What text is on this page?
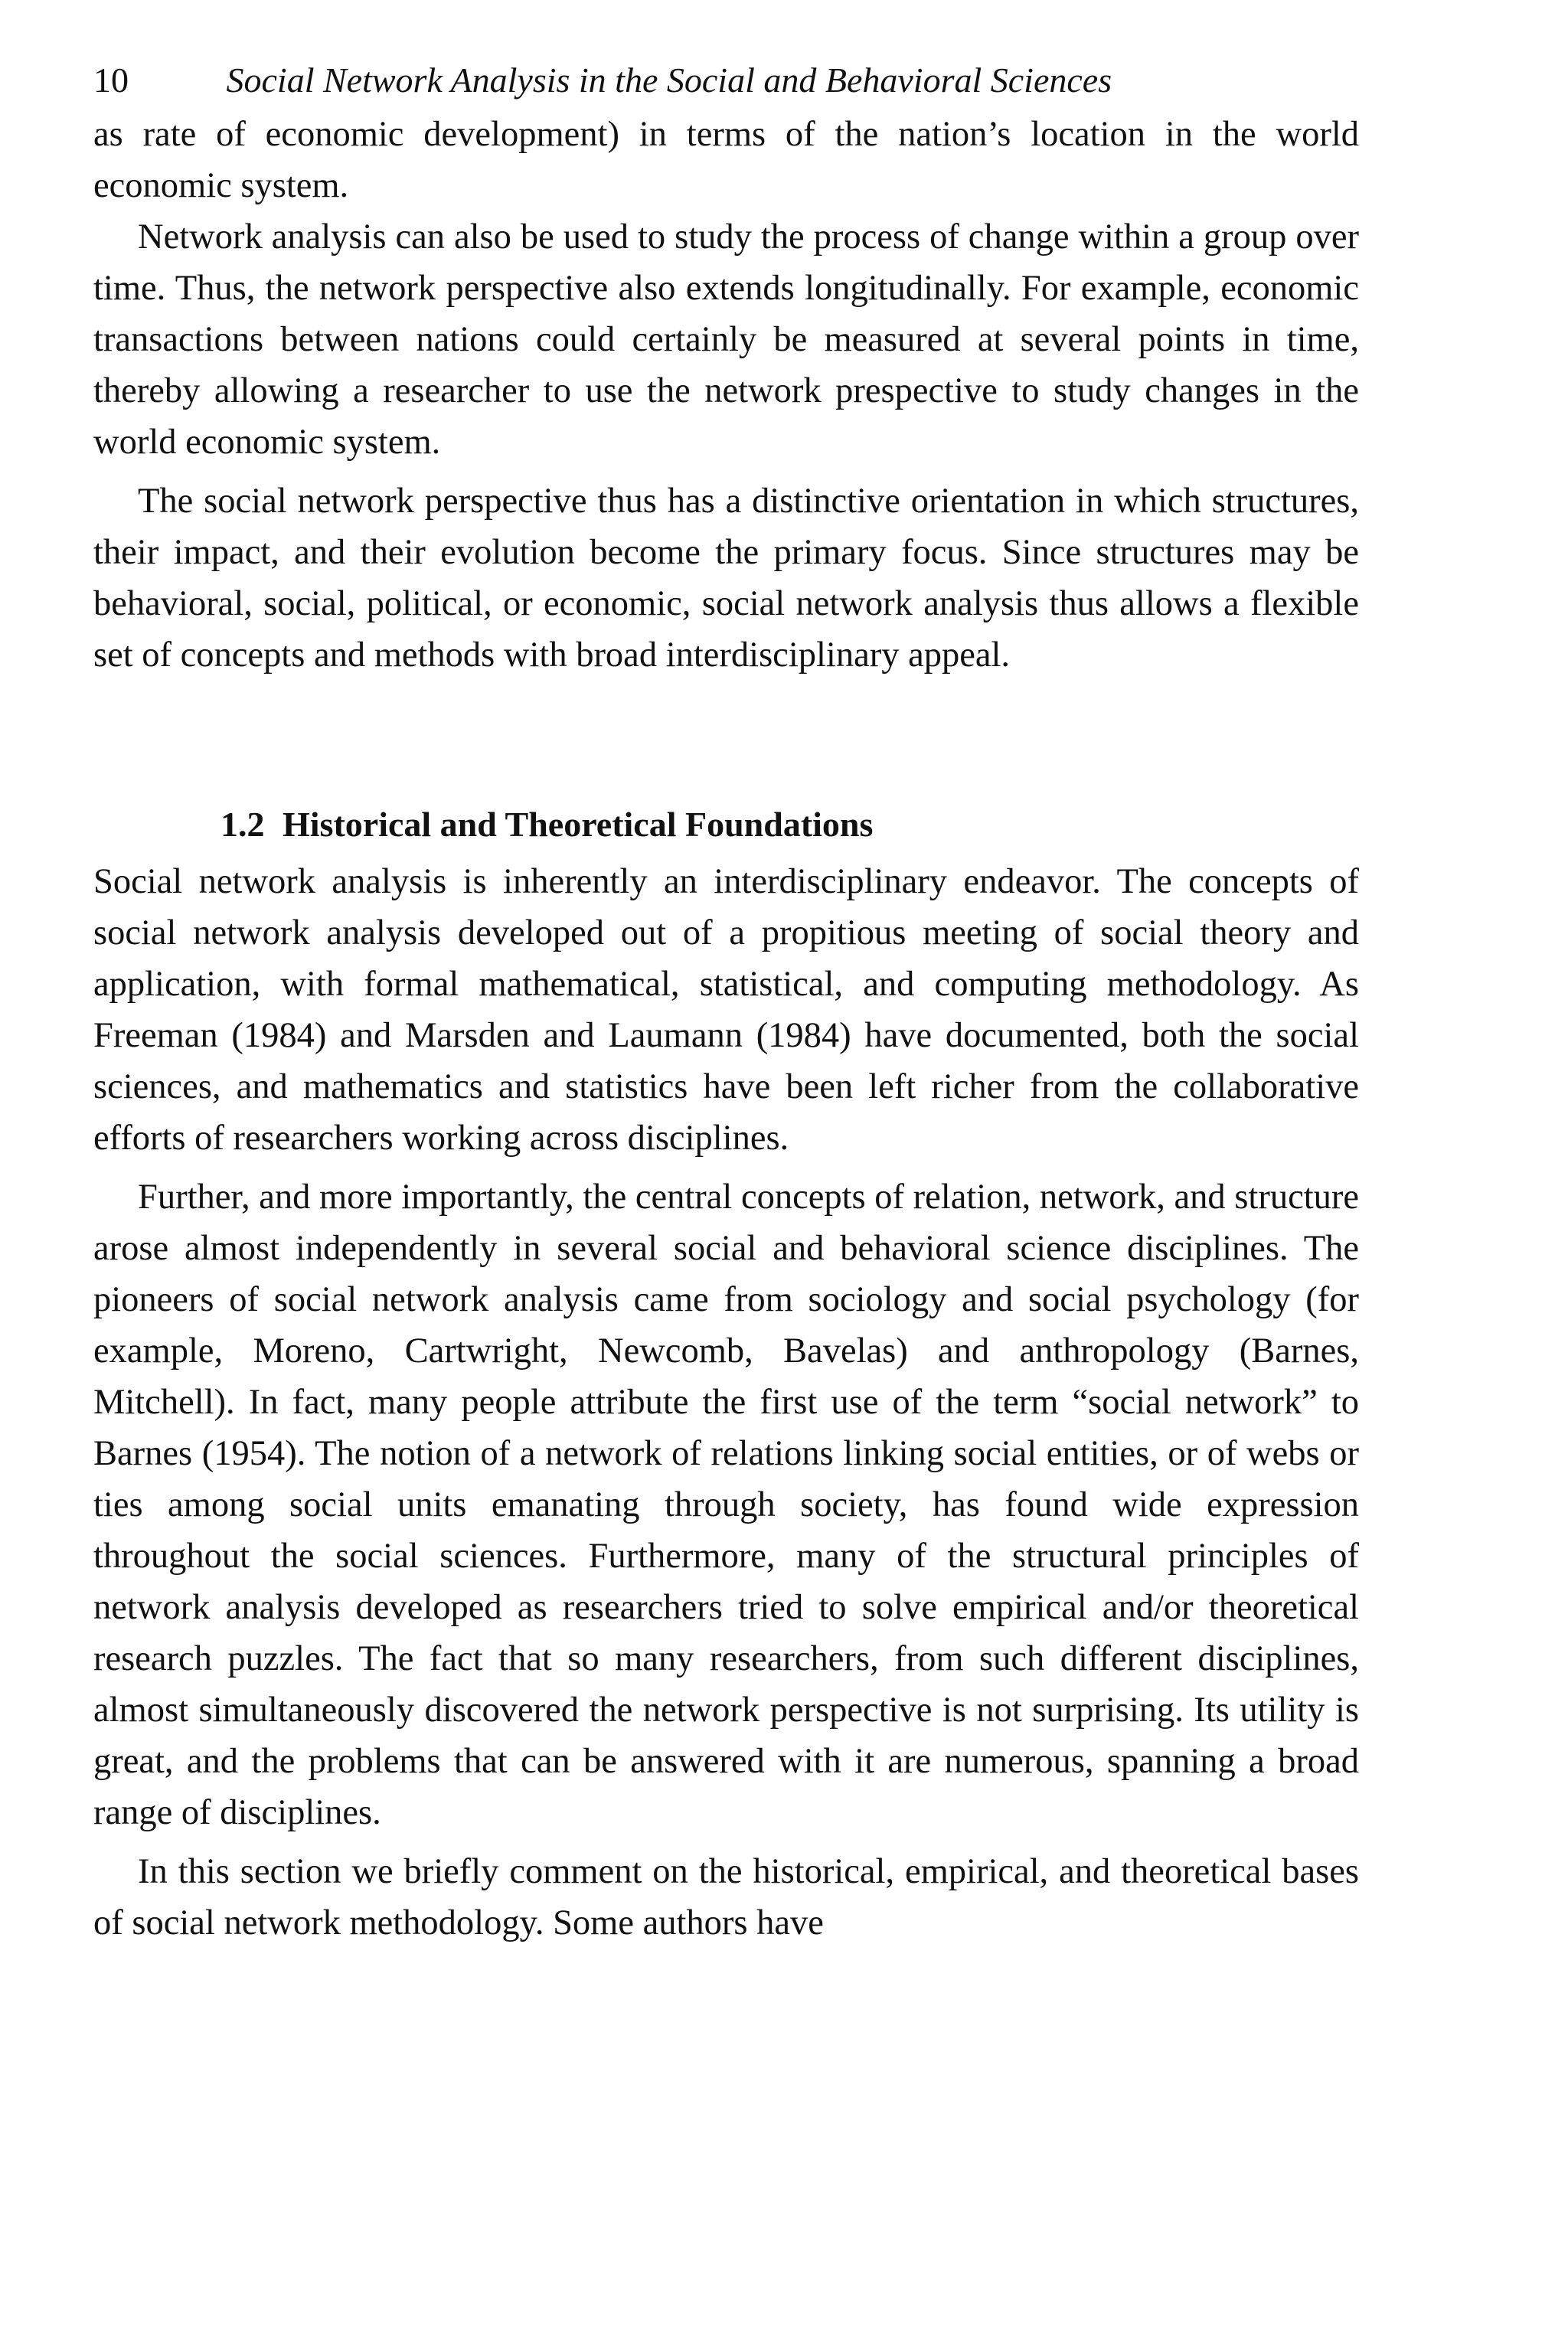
10	Social Network Analysis in the Social and Behavioral Sciences

as rate of economic development) in terms of the nation’s location in the world economic system.

Network analysis can also be used to study the process of change within a group over time. Thus, the network perspective also extends longitudinally. For example, economic transactions between nations could certainly be measured at several points in time, thereby allowing a researcher to use the network prespective to study changes in the world economic system.

The social network perspective thus has a distinctive orientation in which structures, their impact, and their evolution become the primary focus. Since structures may be behavioral, social, political, or economic, social network analysis thus allows a flexible set of concepts and methods with broad interdisciplinary appeal.

1.2 Historical and Theoretical Foundations

Social network analysis is inherently an interdisciplinary endeavor. The concepts of social network analysis developed out of a propitious meeting of social theory and application, with formal mathematical, statistical, and computing methodology. As Freeman (1984) and Marsden and Laumann (1984) have documented, both the social sciences, and mathematics and statistics have been left richer from the collaborative efforts of researchers working across disciplines.

Further, and more importantly, the central concepts of relation, network, and structure arose almost independently in several social and behavioral science disciplines. The pioneers of social network analysis came from sociology and social psychology (for example, Moreno, Cartwright, Newcomb, Bavelas) and anthropology (Barnes, Mitchell). In fact, many people attribute the first use of the term “social network” to Barnes (1954). The notion of a network of relations linking social entities, or of webs or ties among social units emanating through society, has found wide expression throughout the social sciences. Furthermore, many of the structural principles of network analysis developed as researchers tried to solve empirical and/or theoretical research puzzles. The fact that so many researchers, from such different disciplines, almost simultaneously discovered the network perspective is not surprising. Its utility is great, and the problems that can be answered with it are numerous, spanning a broad range of disciplines.

In this section we briefly comment on the historical, empirical, and theoretical bases of social network methodology. Some authors have
